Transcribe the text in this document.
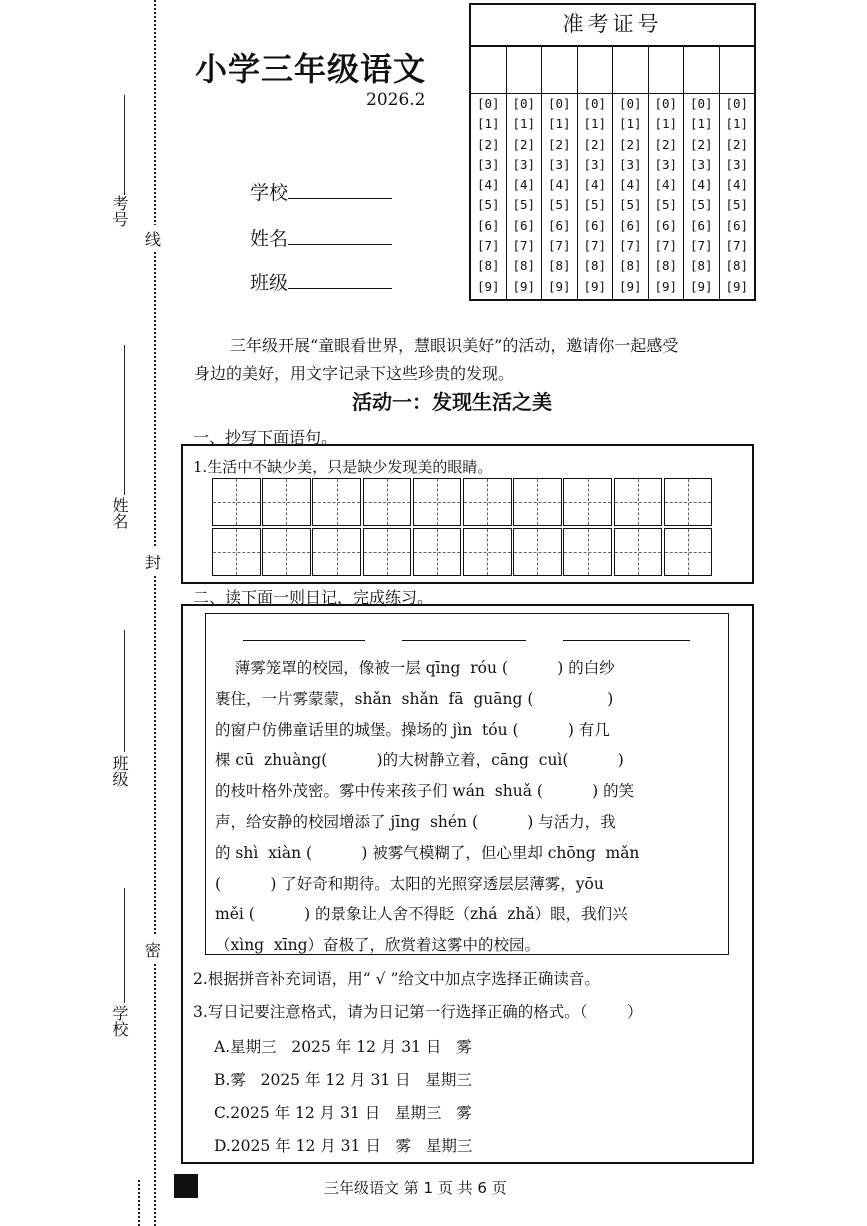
考号
姓名
班级
学校
线
封
密
小学三年级语文
2026.2
学校
姓名
班级
准考证号
[0]
[1]
[2]
[3]
[4]
[5]
[6]
[7]
[8]
[9]
[0]
[1]
[2]
[3]
[4]
[5]
[6]
[7]
[8]
[9]
[0]
[1]
[2]
[3]
[4]
[5]
[6]
[7]
[8]
[9]
[0]
[1]
[2]
[3]
[4]
[5]
[6]
[7]
[8]
[9]
[0]
[1]
[2]
[3]
[4]
[5]
[6]
[7]
[8]
[9]
[0]
[1]
[2]
[3]
[4]
[5]
[6]
[7]
[8]
[9]
[0]
[1]
[2]
[3]
[4]
[5]
[6]
[7]
[8]
[9]
[0]
[1]
[2]
[3]
[4]
[5]
[6]
[7]
[8]
[9]
三年级开展“童眼看世界，慧眼识美好”的活动，邀请你一起感受
身边的美好，用文字记录下这些珍贵的发现。
活动一：发现生活之美
一、抄写下面语句。
1.生活中不缺少美，只是缺少发现美的眼睛。
二、读下面一则日记，完成练习。
薄雾笼罩的校园，像被一层 qīng  róu (          ) 的白纱
裹住，一片雾蒙蒙，shǎn  shǎn  fā  guāng (               )
的窗户仿佛童话里的城堡。操场的 jìn  tóu (          ) 有几
棵 cū  zhuàng(          )的大树静立着，cāng  cuì(          )
的枝叶格外茂密。雾中传来孩子们 wán  shuǎ (          ) 的笑
声，给安静的校园增添了 jīng  shén (          ) 与活力，我
的 shì  xiàn (          ) 被雾气模糊了，但心里却 chōng  mǎn
(          ) 了好奇和期待。太阳的光照穿透层层薄雾，yōu
měi (          ) 的景象让人舍不得眨（zhá  zhǎ）眼，我们兴
（xìng  xīng）奋极了，欣赏着这雾中的校园。
2.根据拼音补充词语，用“ √ ”给文中加点字选择正确读音。
3.写日记要注意格式，请为日记第一行选择正确的格式。（        ）
A.星期三   2025 年 12 月 31 日   雾
B.雾   2025 年 12 月 31 日   星期三
C.2025 年 12 月 31 日   星期三   雾
D.2025 年 12 月 31 日   雾   星期三
三年级语文 第 1 页 共 6 页
